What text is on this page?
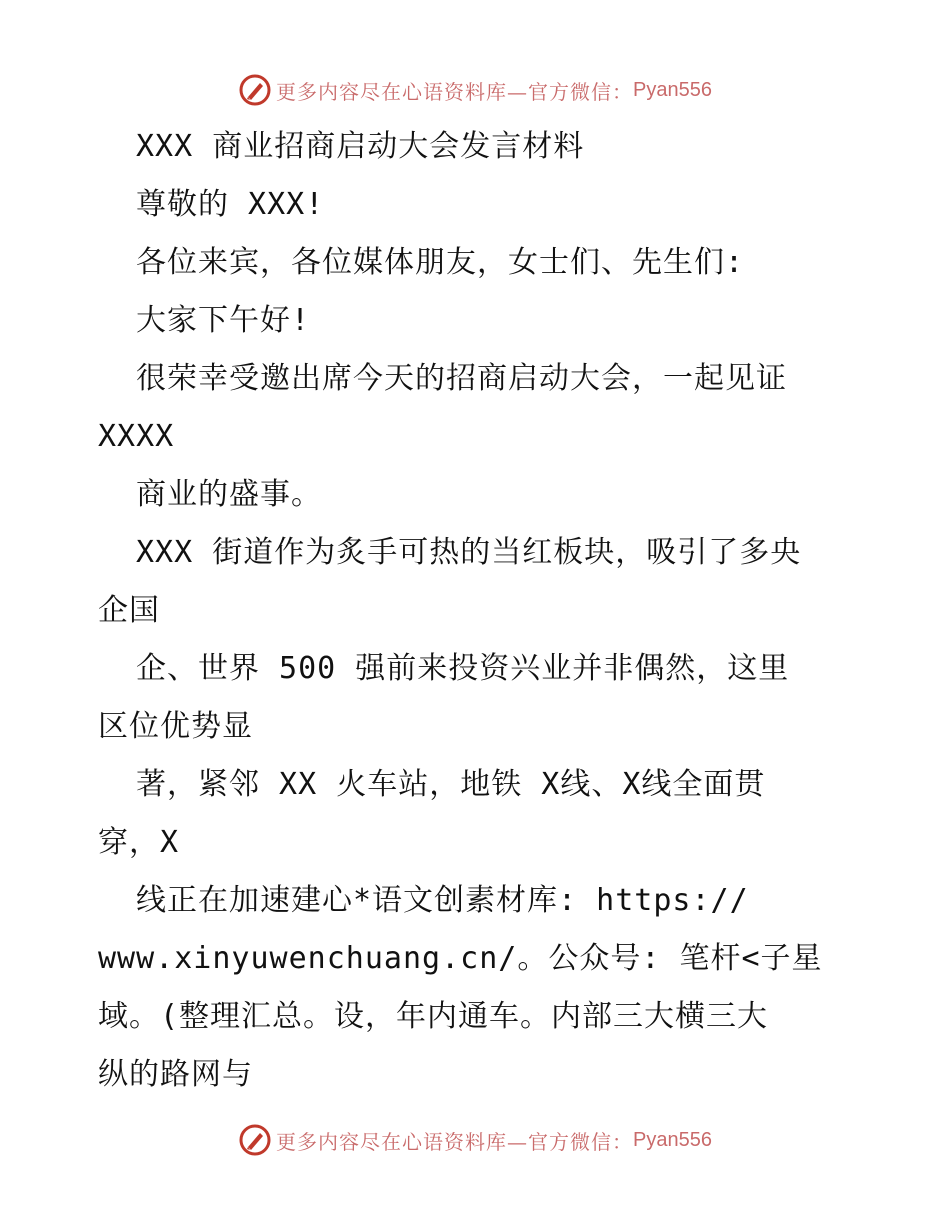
更多内容尽在心语资料库—官方微信： Pyan556
XXX 商业招商启动大会发言材料
尊敬的 XXX!
各位来宾，各位媒体朋友，女士们、先生们:
大家下午好!
很荣幸受邀出席今天的招商启动大会，一起见证
XXXX
商业的盛事。
XXX 街道作为炙手可热的当红板块，吸引了多央
企国
企、世界 500 强前来投资兴业并非偶然，这里
区位优势显
著，紧邻 XX 火车站，地铁 X线、X线全面贯
穿，X
线正在加速建心*语文创素材库: https://
www.xinyuwenchuang.cn/。公众号: 笔杆<子星
域。(整理汇总。设，年内通车。内部三大横三大
纵的路网与
更多内容尽在心语资料库—官方微信： Pyan556
